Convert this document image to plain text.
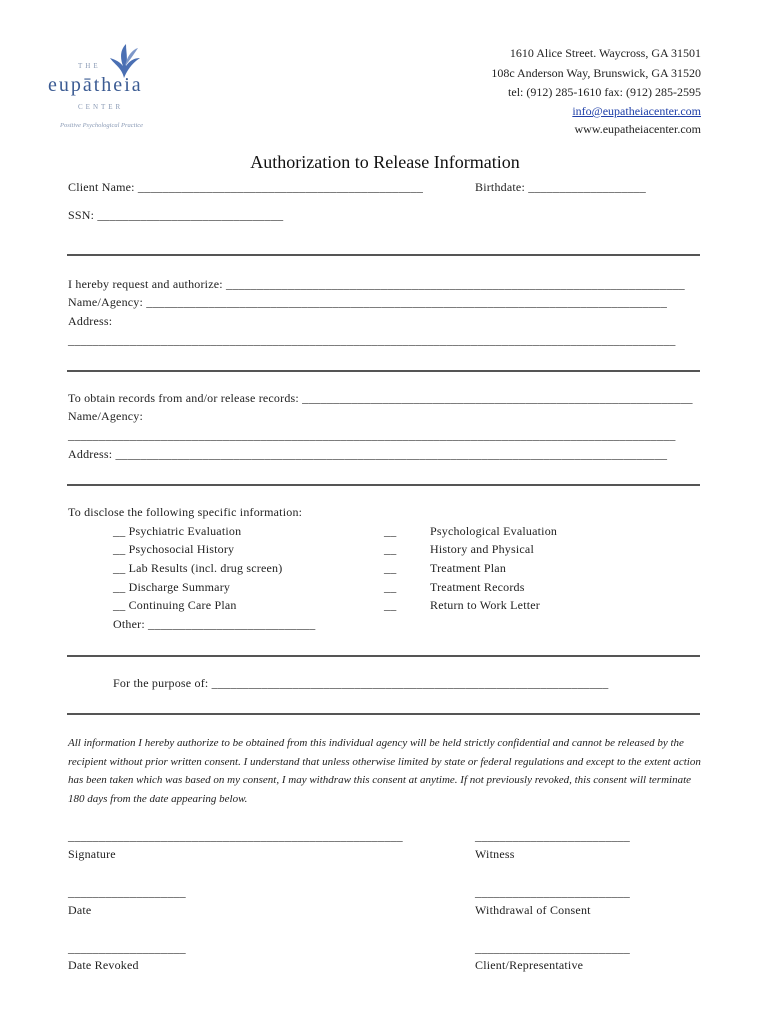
THE
eupātheia
CENTER
Positive Psychological Practice
1610 Alice Street. Waycross, GA 31501
108c Anderson Way, Brunswick, GA 31520
tel: (912) 285-1610 fax: (912) 285-2595
info@eupatheiacenter.com
www.eupatheiacenter.com
Authorization to Release Information
Client Name: ______________________________________________	Birthdate: ___________________
SSN: ______________________________
I hereby request and authorize: __________________________________________________________________________
Name/Agency: ____________________________________________________________________________________
Address:
__________________________________________________________________________________________________
To obtain records from and/or release records: _______________________________________________________________
Name/Agency:
__________________________________________________________________________________________________
Address: _________________________________________________________________________________________
To disclose the following specific information:
__ Psychiatric Evaluation
__ Psychosocial History
__ Lab Results (incl. drug screen)
__ Discharge Summary
__ Continuing Care Plan
Other: ___________________________
__
__
__
__
__
Psychological Evaluation
History and Physical
Treatment Plan
Treatment Records
Return to Work Letter
For the purpose of: ________________________________________________________________
All information I hereby authorize to be obtained from this individual agency will be held strictly confidential and cannot be released by the recipient without prior written consent. I understand that unless otherwise limited by state or federal regulations and except to the extent action has been taken which was based on my consent, I may withdraw this consent at anytime. If not previously revoked, this consent will terminate 180 days from the date appearing below.
______________________________________________________
Signature
_________________________
Witness
___________________
Date
_________________________
Withdrawal of Consent
___________________
Date Revoked
_________________________
Client/Representative
